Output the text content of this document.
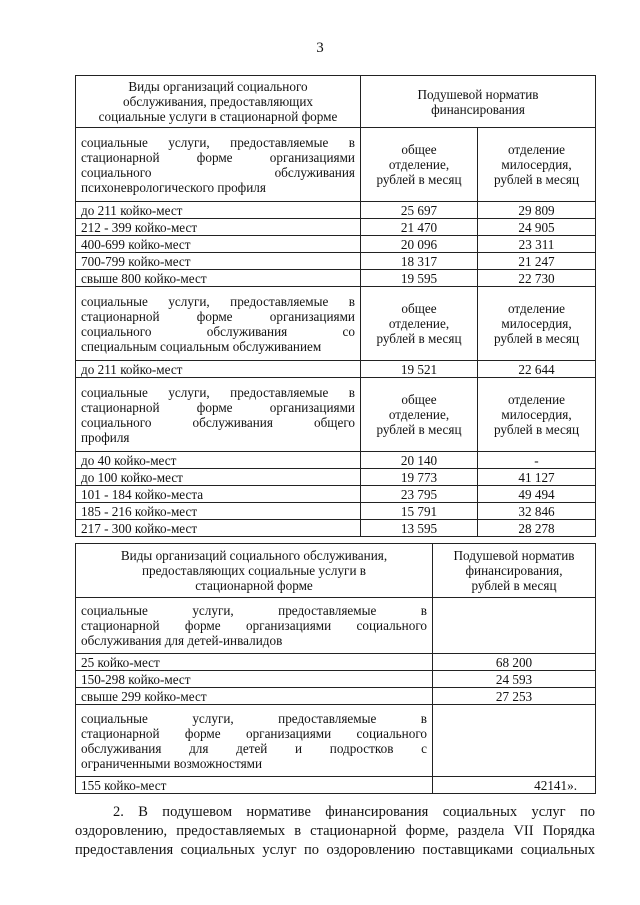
3
Виды организаций социального обслуживания, предоставляющих социальные услуги в стационарной форме	Подушевой норматив финансирования	

социальные услуги, предоставляемые в
стационарной форме организациями
социального обслуживания
психоневрологического профиля	общее отделение, рублей в месяц	отделение милосердия, рублей в месяц
до 211 койко-мест	25 697	29 809
212 - 399 койко-мест	21 470	24 905
400-699 койко-мест	20 096	23 311
700-799 койко-мест	18 317	21 247
свыше 800 койко-мест	19 595	22 730

социальные услуги, предоставляемые в
стационарной форме организациями
социального обслуживания со
специальным социальным обслуживанием	общее отделение, рублей в месяц	отделение милосердия, рублей в месяц
до 211 койко-мест	19 521	22 644

социальные услуги, предоставляемые в
стационарной форме организациями
социального обслуживания общего
профиля	общее отделение, рублей в месяц	отделение милосердия, рублей в месяц
до 40 койко-мест	20 140	-
до 100 койко-мест	19 773	41 127
101 - 184 койко-места	23 795	49 494
185 - 216 койко-мест	15 791	32 846
217 - 300 койко-мест	13 595	28 278
Виды организаций социального обслуживания, предоставляющих социальные услуги в стационарной форме	Подушевой норматив финансирования, рублей в месяц

социальные услуги, предоставляемые в
стационарной форме организациями социального
обслуживания для детей-инвалидов	

25 койко-мест	68 200
150-298 койко-мест	24 593
свыше 299 койко-мест	27 253

социальные услуги, предоставляемые в
стационарной форме организациями социального
обслуживания для детей и подростков с
ограниченными возможностями	

155 койко-мест	42141».

2. В подушевом нормативе финансирования социальных услуг по

оздоровлению, предоставляемых в стационарной форме, раздела VII Порядка

предоставления социальных услуг по оздоровлению поставщиками социальных
